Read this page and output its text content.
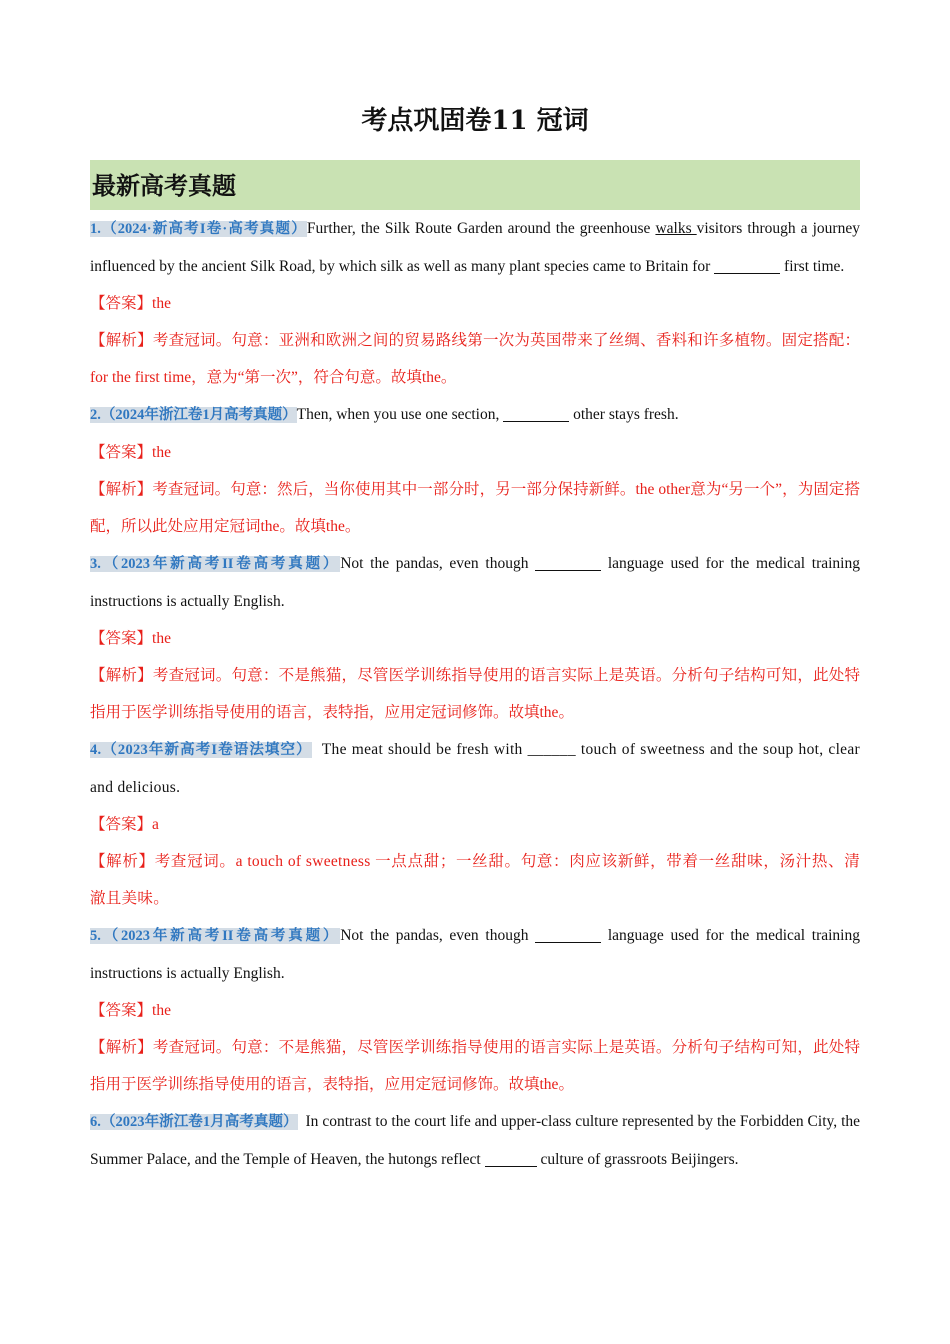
考点巩固卷11 冠词
最新高考真题

1.（2024·新高考I卷·高考真题）Further, the Silk Route Garden around the greenhouse walks visitors through a journey influenced by the ancient Silk Road, by which silk as well as many plant species came to Britain for	first time.

【答案】the

【解析】考查冠词。句意：亚洲和欧洲之间的贸易路线第一次为英国带来了丝绸、香料和许多植物。固定搭配：for the first time，意为“第一次”，符合句意。故填the。

2.（2024年浙江卷1月高考真题）Then, when you use one section,	other stays fresh.

【答案】the

【解析】考查冠词。句意：然后，当你使用其中一部分时，另一部分保持新鲜。the other意为“另一个”，为固定搭配，所以此处应用定冠词the。故填the。

3.（2023年新高考II卷高考真题）Not the pandas, even though	language used for the medical training instructions is actually English.

【答案】the

【解析】考查冠词。句意：不是熊猫，尽管医学训练指导使用的语言实际上是英语。分析句子结构可知，此处特指用于医学训练指导使用的语言，表特指，应用定冠词修饰。故填the。

4.（2023年新高考I卷语法填空）  The meat should be fresh with ______ touch of sweetness and the soup hot, clear and delicious.

【答案】a

【解析】考查冠词。a touch of sweetness 一点点甜；一丝甜。句意：肉应该新鲜，带着一丝甜味，汤汁热、清澈且美味。

5.（2023年新高考II卷高考真题）Not the pandas, even though	language used for the medical training instructions is actually English.

【答案】the

【解析】考查冠词。句意：不是熊猫，尽管医学训练指导使用的语言实际上是英语。分析句子结构可知，此处特指用于医学训练指导使用的语言，表特指，应用定冠词修饰。故填the。

6.（2023年浙江卷1月高考真题）  In contrast to the court life and upper-class culture represented by the Forbidden City, the Summer Palace, and the Temple of Heaven, the hutongs reflect	culture of grassroots Beijingers.
